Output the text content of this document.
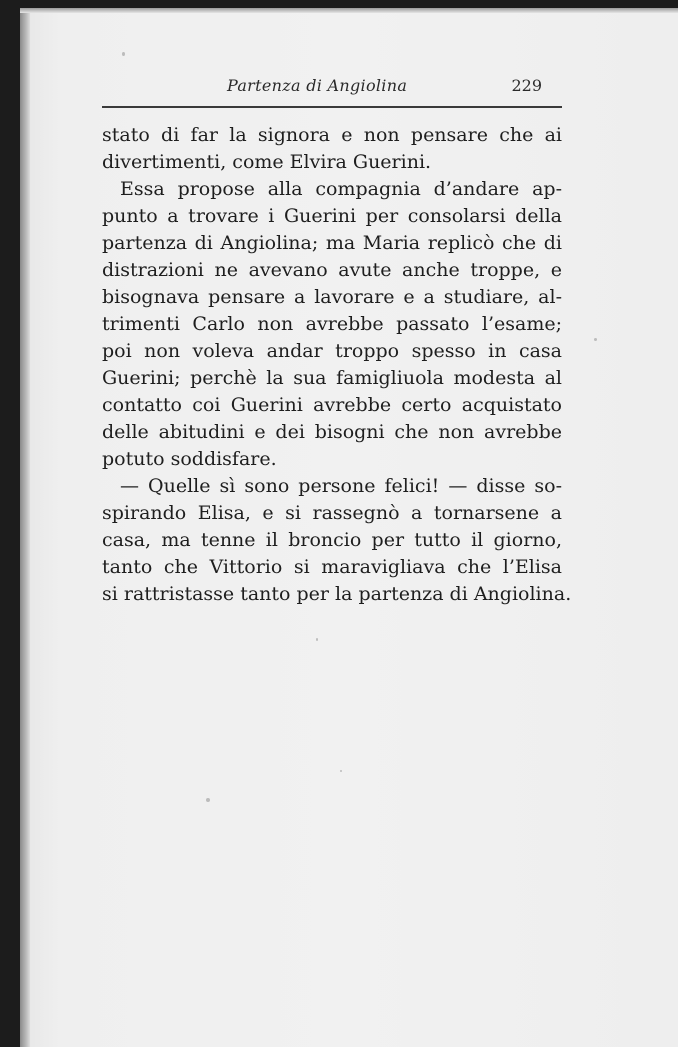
Partenza di Angiolina	229
stato di far la signora e non pensare che ai
divertimenti, come Elvira Guerini.
Essa propose alla compagnia d’andare ap-
punto a trovare i Guerini per consolarsi della
partenza di Angiolina; ma Maria replicò che di
distrazioni ne avevano avute anche troppe, e
bisognava pensare a lavorare e a studiare, al-
trimenti Carlo non avrebbe passato l’esame;
poi non voleva andar troppo spesso in casa
Guerini; perchè la sua famigliuola modesta al
contatto coi Guerini avrebbe certo acquistato
delle abitudini e dei bisogni che non avrebbe
potuto soddisfare.
— Quelle sì sono persone felici! — disse so-
spirando Elisa, e si rassegnò a tornarsene a
casa, ma tenne il broncio per tutto il giorno,
tanto che Vittorio si maravigliava che l’Elisa
si rattristasse tanto per la partenza di Angiolina.
